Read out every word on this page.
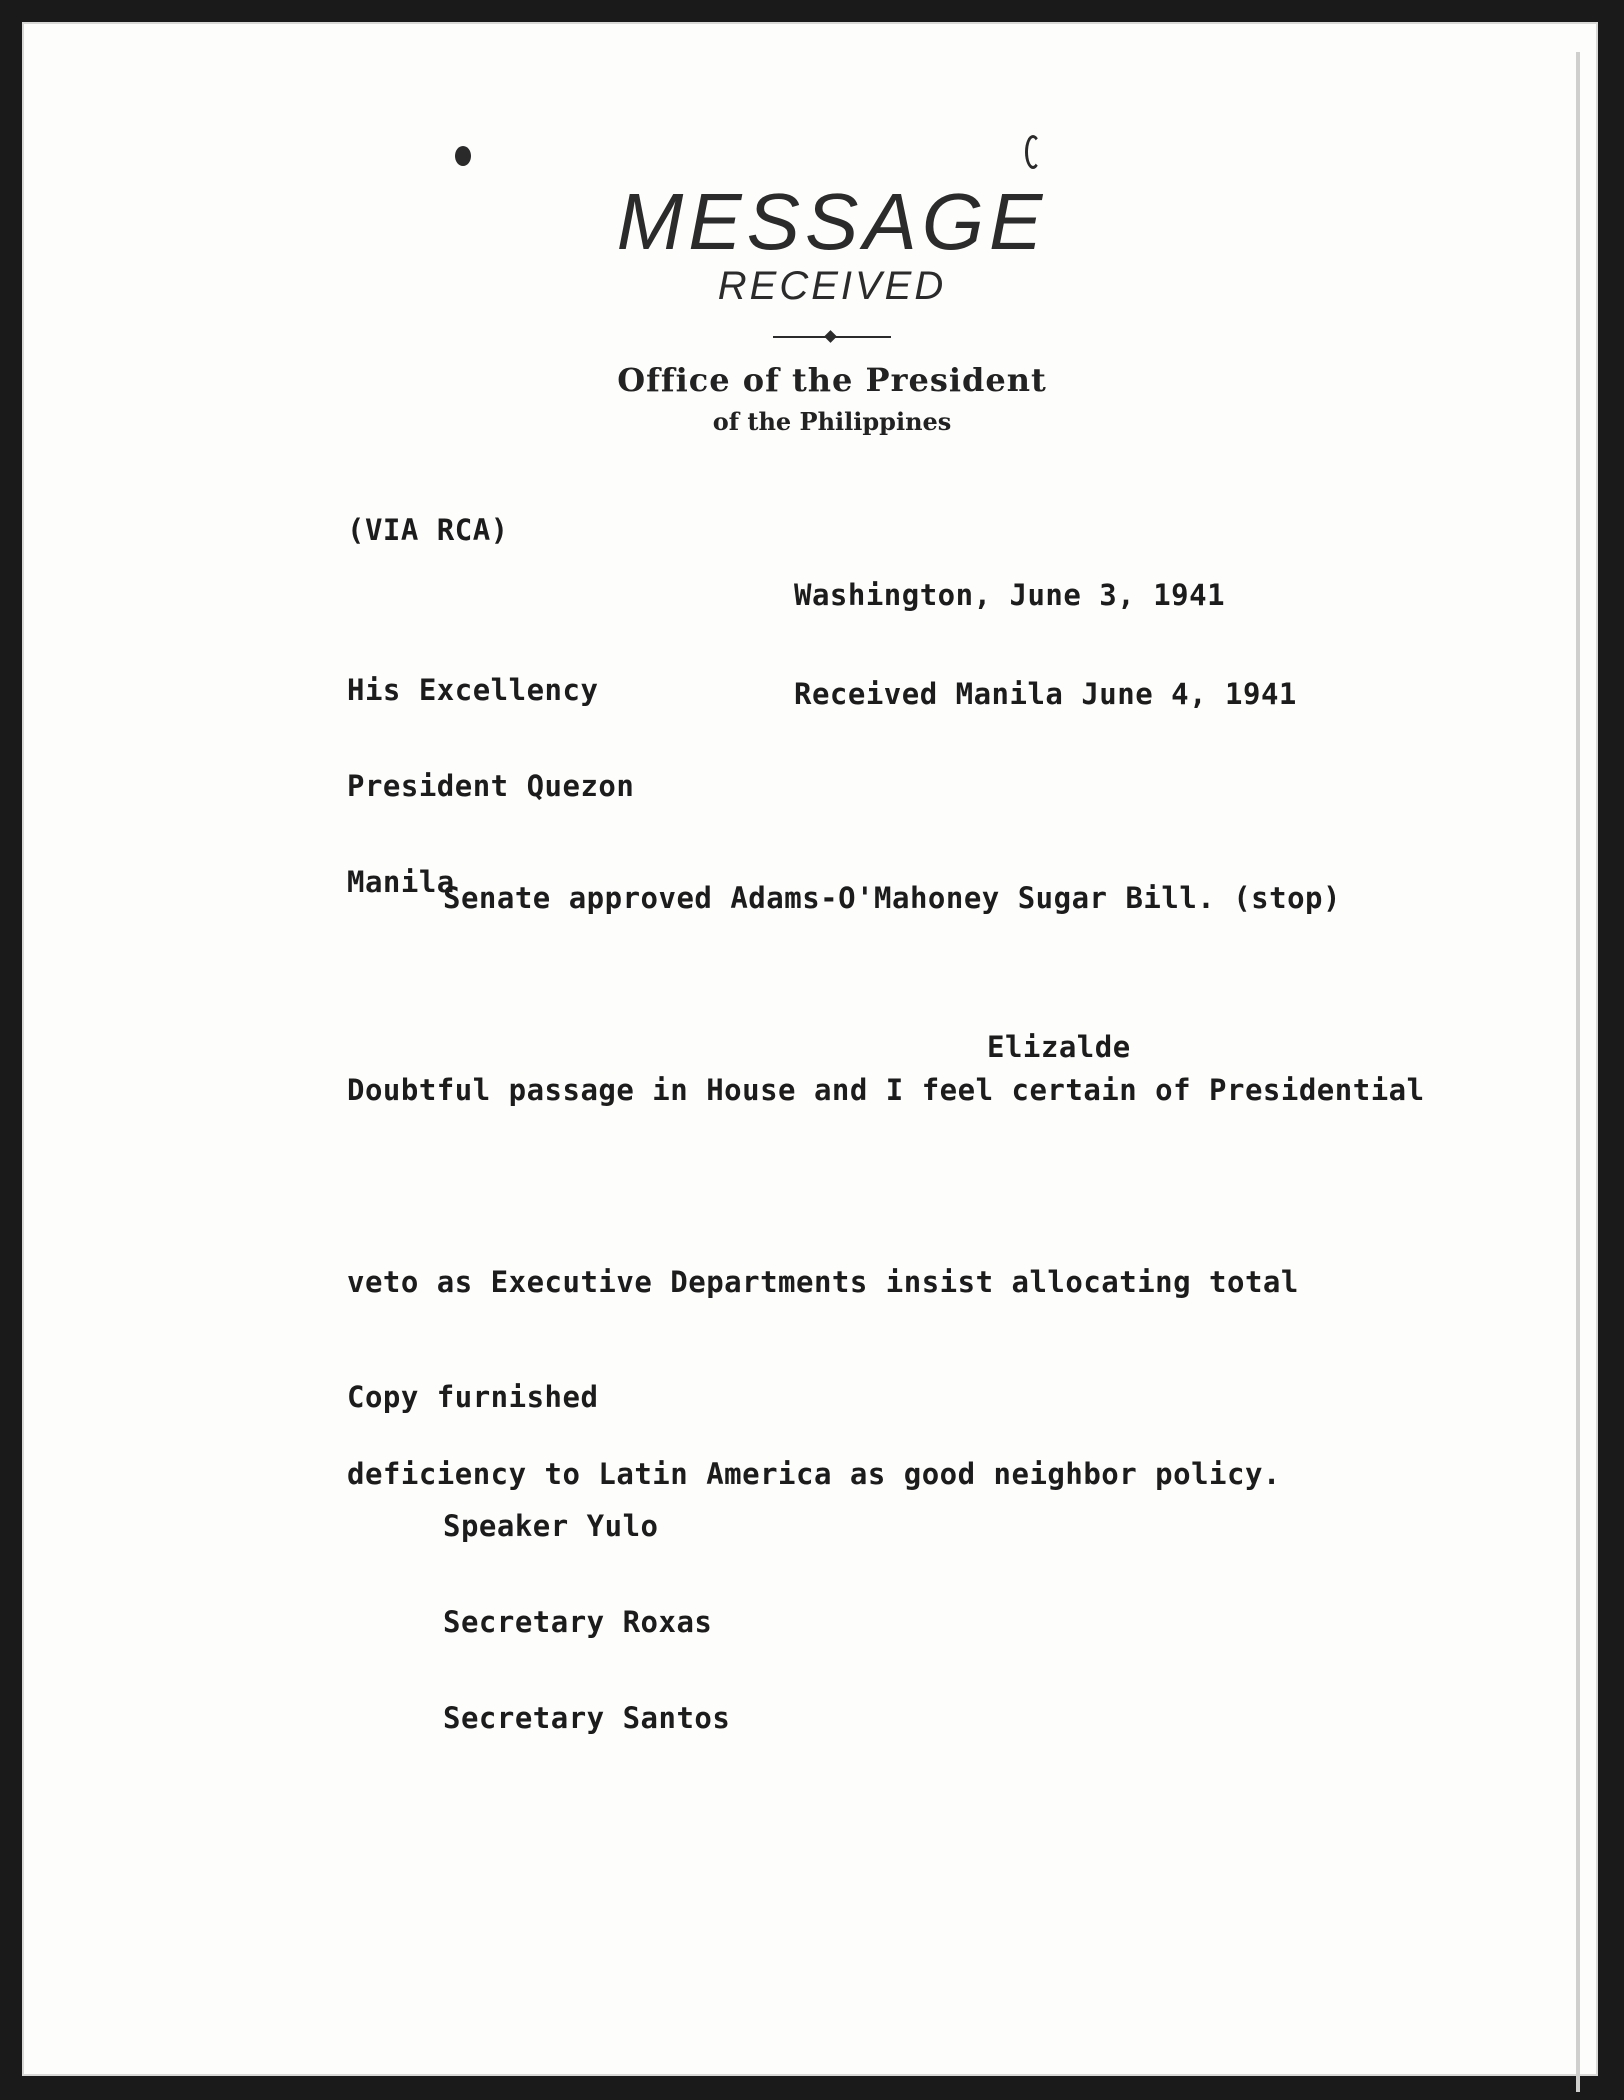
MESSAGE
RECEIVED
Office of the President
of the Philippines
(VIA RCA)

Washington, June 3, 1941

Received Manila June 4, 1941

His Excellency

President Quezon

Manila

Senate approved Adams-O'Mahoney Sugar Bill. (stop)

Doubtful passage in House and I feel certain of Presidential

veto as Executive Departments insist allocating total

deficiency to Latin America as good neighbor policy.

Elizalde
Copy furnished

Speaker Yulo

Secretary Roxas

Secretary Santos
